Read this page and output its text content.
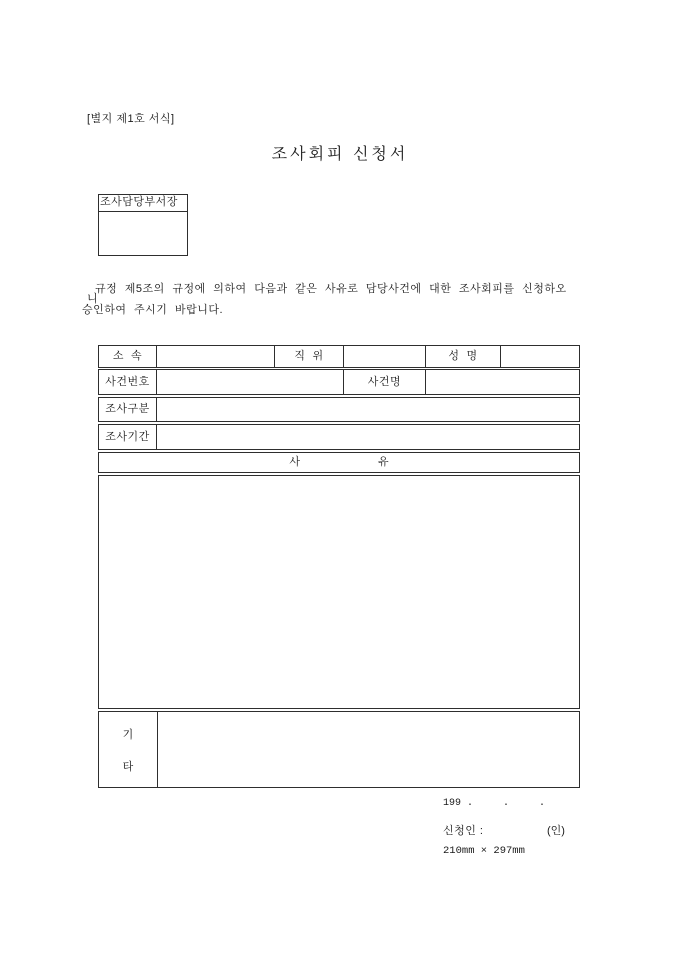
[별지 제1호 서식]
조사회피 신청서
조사담당부서장
규정 제5조의 규정에 의하여 다음과 같은 사유로 담당사건에 대한 조사회피를 신청하오
니
승인하여 주시기 바랍니다.
소  속	직  위	성  명
사건번호	사건명
조사구분
조사기간
사	유
기
타
199 .     .     .
신청인 :	(인)
210mm × 297mm
